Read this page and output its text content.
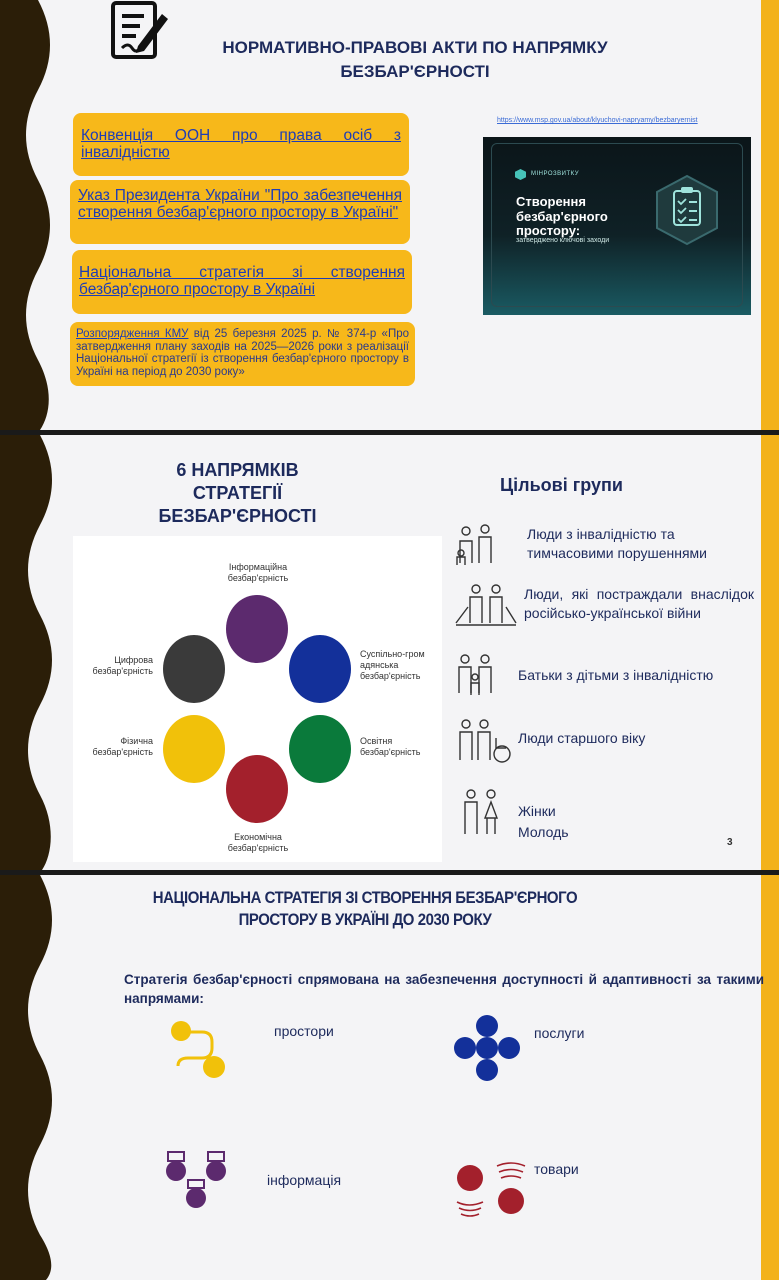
НОРМАТИВНО-ПРАВОВІ АКТИ ПО НАПРЯМКУ БЕЗБАР'ЄРНОСТІ
Конвенція ООН про права осіб з інвалідністю
Указ Президента України "Про забезпечення створення безбар'єрного простору в Україні"
Національна стратегія зі створення безбар'єрного простору в Україні
Розпорядження КМУ від 25 березня 2025 р. № 374-р «Про затвердження плану заходів на 2025—2026 роки з реалізації Національної стратегії із створення безбар'єрного простору в Україні на період до 2030 року»
https://www.msp.gov.ua/about/klyuchovi-napryamy/bezbaryernist
МІНРОЗВИТКУ
Створення безбар'єрного простору:
затверджено ключові заходи
6 НАПРЯМКІВ СТРАТЕГІЇ БЕЗБАР'ЄРНОСТІ
Цільові групи
Інформаційна
безбар'єрність
Суспільно-гром
адянська
безбар'єрність
Освітня
безбар'єрність
Економічна
безбар'єрність
Фізична
безбар'єрність
Цифрова
безбар'єрність
Люди з інвалідністю та тимчасовими порушеннями
Люди, які постраждали внаслідок російсько-української війни
Батьки з дітьми з інвалідністю
Люди старшого віку
Жінки
Молодь
3
НАЦІОНАЛЬНА СТРАТЕГІЯ ЗІ СТВОРЕННЯ БЕЗБАР'ЄРНОГО
ПРОСТОРУ В УКРАЇНІ ДО 2030 РОКУ
Стратегія безбар'єрності спрямована на забезпечення доступності й адаптивності за такими напрямами:
простори	послуги
інформація
товари
